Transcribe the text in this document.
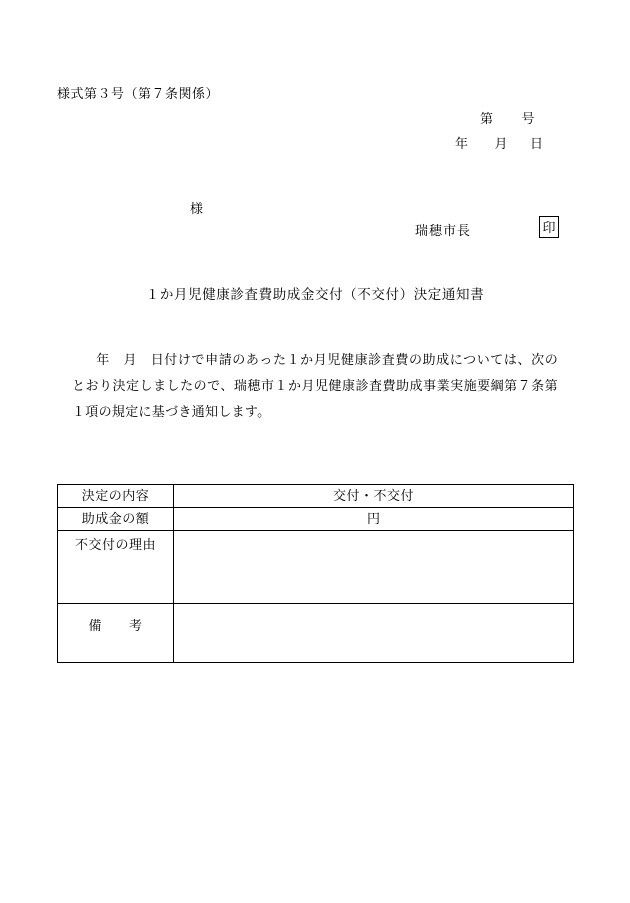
様式第３号（第７条関係）
第 号
年 月 日
様
瑞穂市長	印
１か月児健康診査費助成金交付（不交付）決定通知書
年　月　日付けで申請のあった１か月児健康診査費の助成については、次のとおり決定しましたので、瑞穂市１か月児健康診査費助成事業実施要綱第７条第１項の規定に基づき通知します。
決定の内容	交付・不交付
助成金の額	円
不交付の理由	
備　　考	
